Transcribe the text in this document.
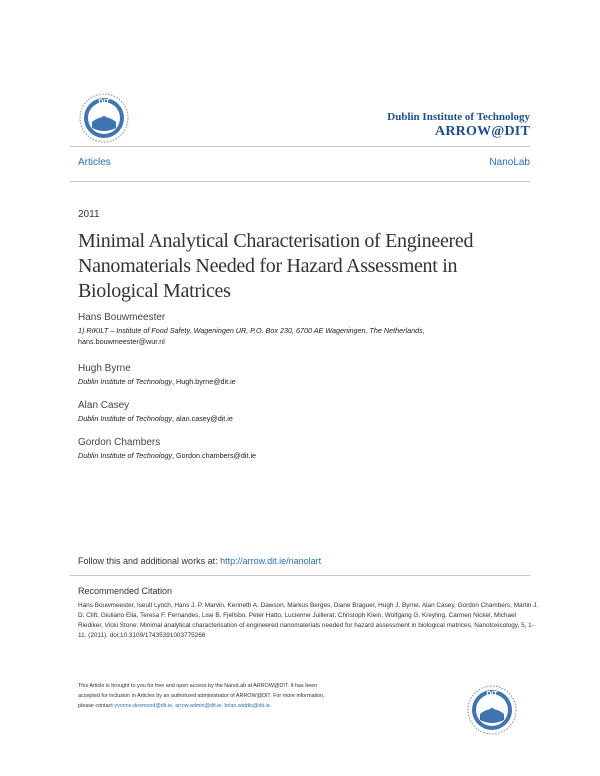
DIT
Dublin Institute of Technology
ARROW@DIT
Articles	NanoLab
2011
Minimal Analytical Characterisation of Engineered Nanomaterials Needed for Hazard Assessment in Biological Matrices
Hans Bouwmeester
1) RIKILT – Institute of Food Safety, Wageningen UR, P.O. Box 230, 6700 AE Wageningen, The Netherlands,
hans.bouwmeester@wur.nl
Hugh Byrne
Dublin Institute of Technology, Hugh.byrne@dit.ie
Alan Casey
Dublin Institute of Technology, alan.casey@dit.ie
Gordon Chambers
Dublin Institute of Technology, Gordon.chambers@dit.ie
Follow this and additional works at: http://arrow.dit.ie/nanolart
Recommended Citation
Hans Bouwmeester, Iseult Lynch, Hans J. P. Marvin, Kenneth A. Dawson, Markus Berges, Diane Braguer, Hugh J. Byrne, Alan Casey, Gordon Chambers, Martin J. D. Clift, Giuliano Elia, Teresa F. Fernandes, Lise B. Fjellsbo, Peter Hatto, Lucienne Juillerat, Christoph Klein, Wolfgang G. Kreyling, Carmen Nickel, Michael Riediker, Vicki Stone: Minimal analytical characterisation of engineered nanomaterials needed for hazard assessment in biological matrices. Nanotoxicology, 5, 1-11. (2011). doi:10.3109/17435391003775266
This Article is brought to you for free and open access by the NanoLab at ARROW@DIT. It has been accepted for inclusion in Articles by an authorized administrator of ARROW@DIT. For more information, please contact yvonne.desmond@dit.ie, arrow.admin@dit.ie, brian.widdis@dit.ie.
DIT
